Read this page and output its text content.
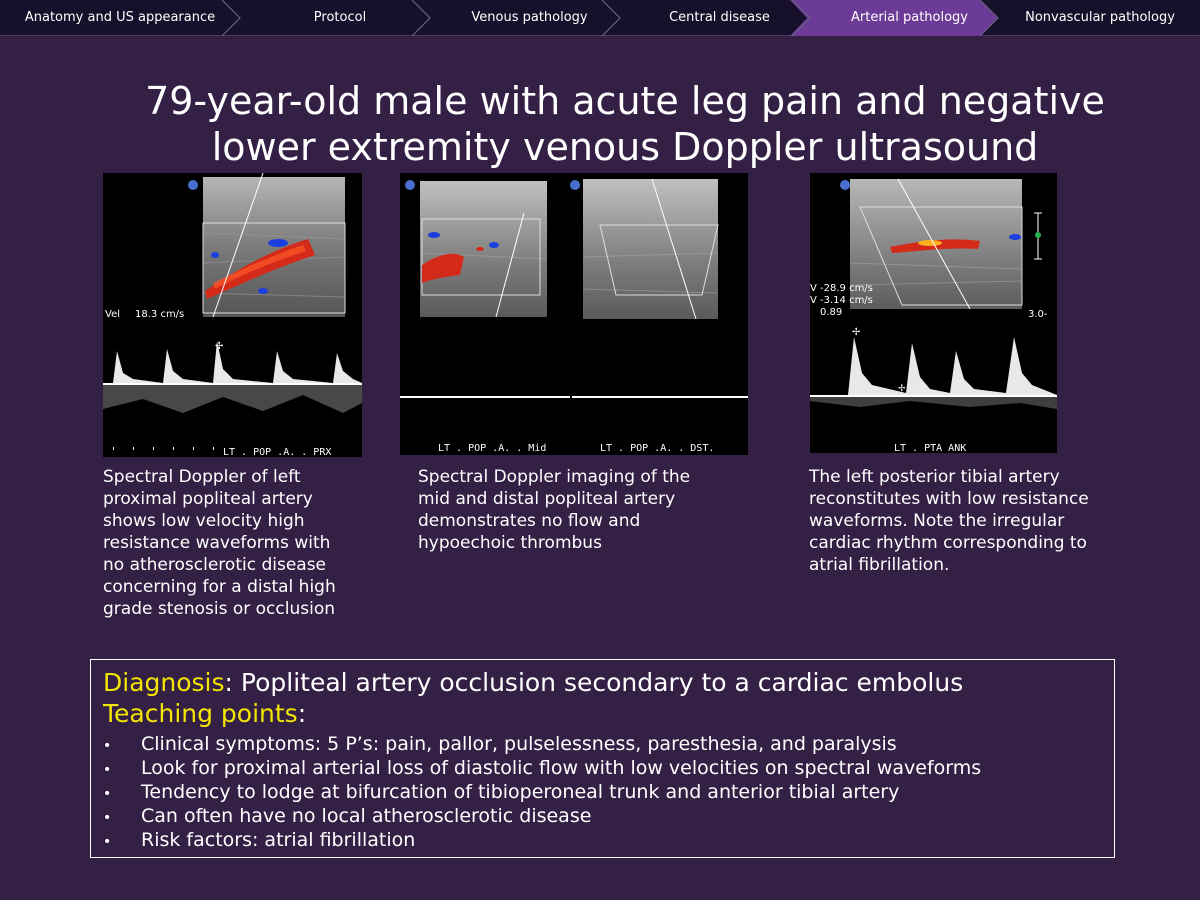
Anatomy and US appearance	Protocol	Venous pathology	Central disease	Arterial pathology	Nonvascular pathology
79-year-old male with acute leg pain and negative
lower extremity venous Doppler ultrasound
Vel 18.3 cm/s
✢
LT . POP .A. . PRX
Spectral Doppler of left
proximal popliteal artery
shows low velocity high
resistance waveforms with
no atherosclerotic disease
concerning for a distal high
grade stenosis or occlusion
LT . POP .A. . Mid	LT . POP .A. . DST.
Spectral Doppler imaging of the
mid and distal popliteal artery
demonstrates no flow and
hypoechoic thrombus
V -28.9 cm/s
V -3.14 cm/s
0.89	3.0-
✢
✢
LT . PTA ANK
The left posterior tibial artery
reconstitutes with low resistance
waveforms. Note the irregular
cardiac rhythm corresponding to
atrial fibrillation.
Diagnosis: Popliteal artery occlusion secondary to a cardiac embolus
Teaching points:
• Clinical symptoms: 5 P’s: pain, pallor, pulselessness, paresthesia, and paralysis
• Look for proximal arterial loss of diastolic flow with low velocities on spectral waveforms
• Tendency to lodge at bifurcation of tibioperoneal trunk and anterior tibial artery
• Can often have no local atherosclerotic disease
• Risk factors: atrial fibrillation
